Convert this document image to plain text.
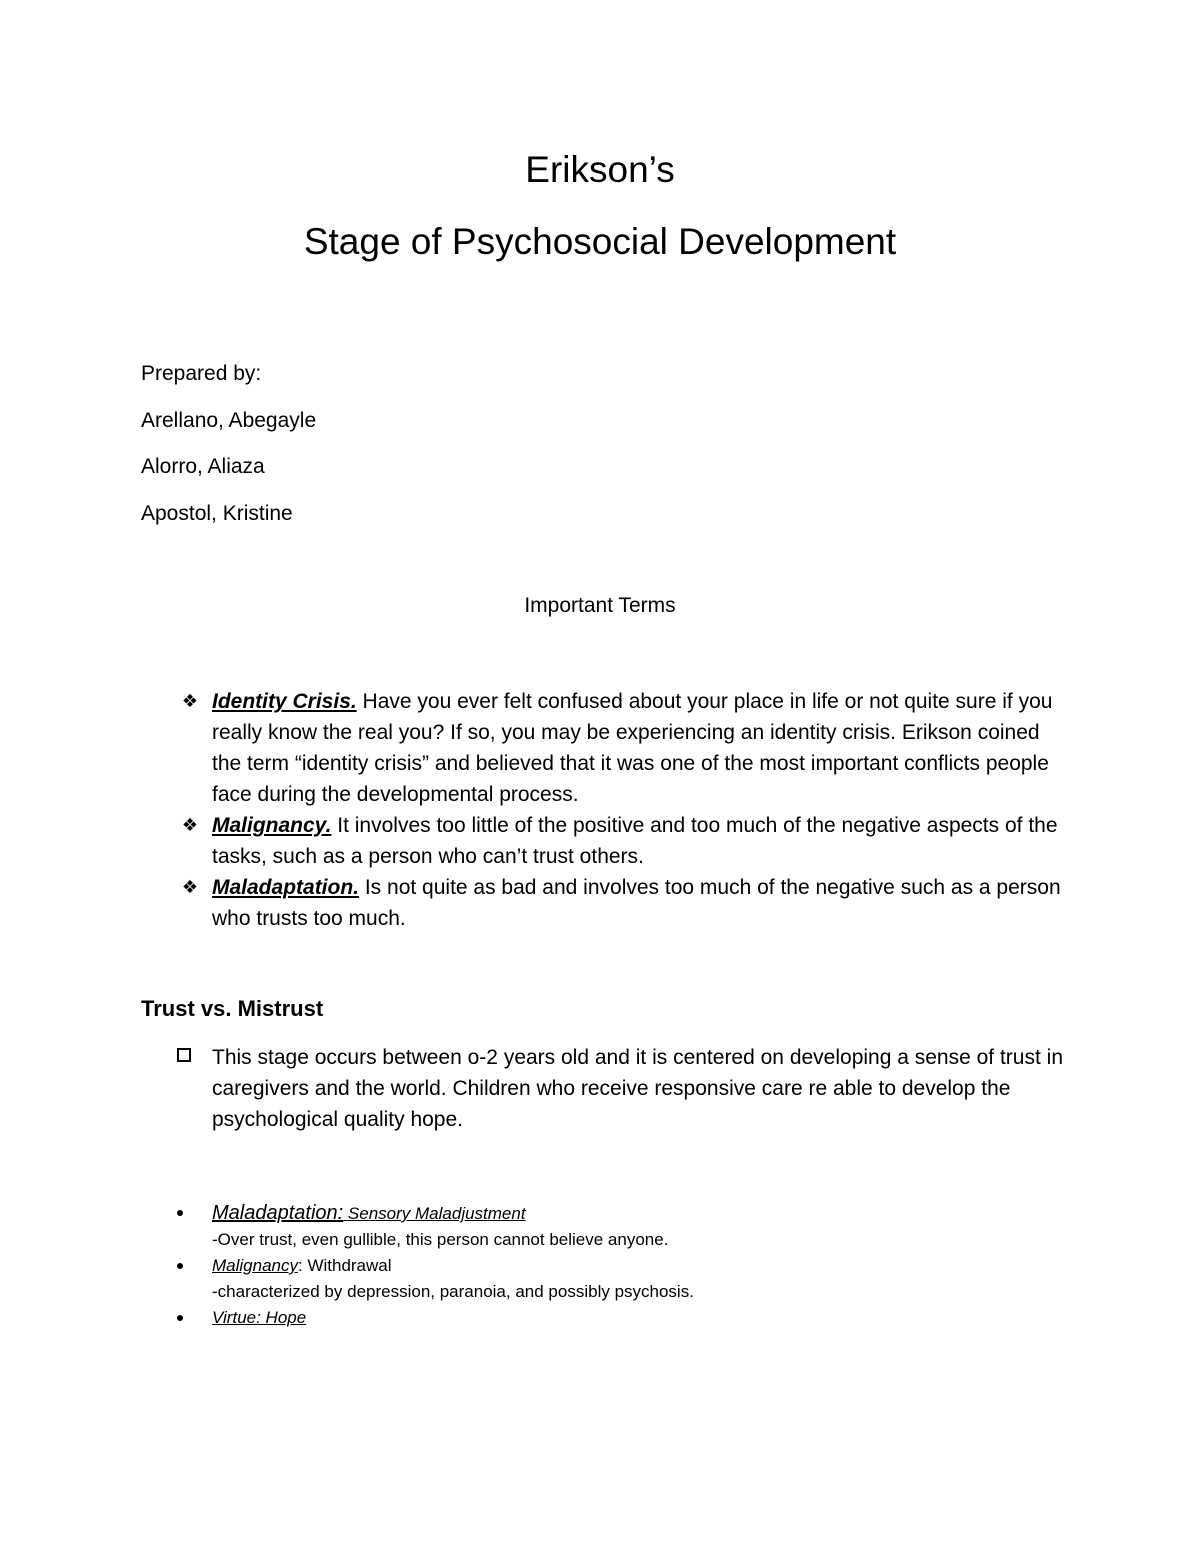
Erikson’s
Stage of Psychosocial Development
Prepared by:
Arellano, Abegayle
Alorro, Aliaza
Apostol, Kristine
Important Terms
❖ Identity Crisis. Have you ever felt confused about your place in life or not quite sure if you really know the real you? If so, you may be experiencing an identity crisis. Erikson coined the term “identity crisis” and believed that it was one of the most important conflicts people face during the developmental process.
❖ Malignancy. It involves too little of the positive and too much of the negative aspects of the tasks, such as a person who can’t trust others.
❖ Maladaptation. Is not quite as bad and involves too much of the negative such as a person who trusts too much.
Trust vs. Mistrust
This stage occurs between o-2 years old and it is centered on developing a sense of trust in caregivers and the world. Children who receive responsive care re able to develop the psychological quality hope.
Maladaptation: Sensory Maladjustment
-Over trust, even gullible, this person cannot believe anyone.
Malignancy: Withdrawal
-characterized by depression, paranoia, and possibly psychosis.
Virtue: Hope
